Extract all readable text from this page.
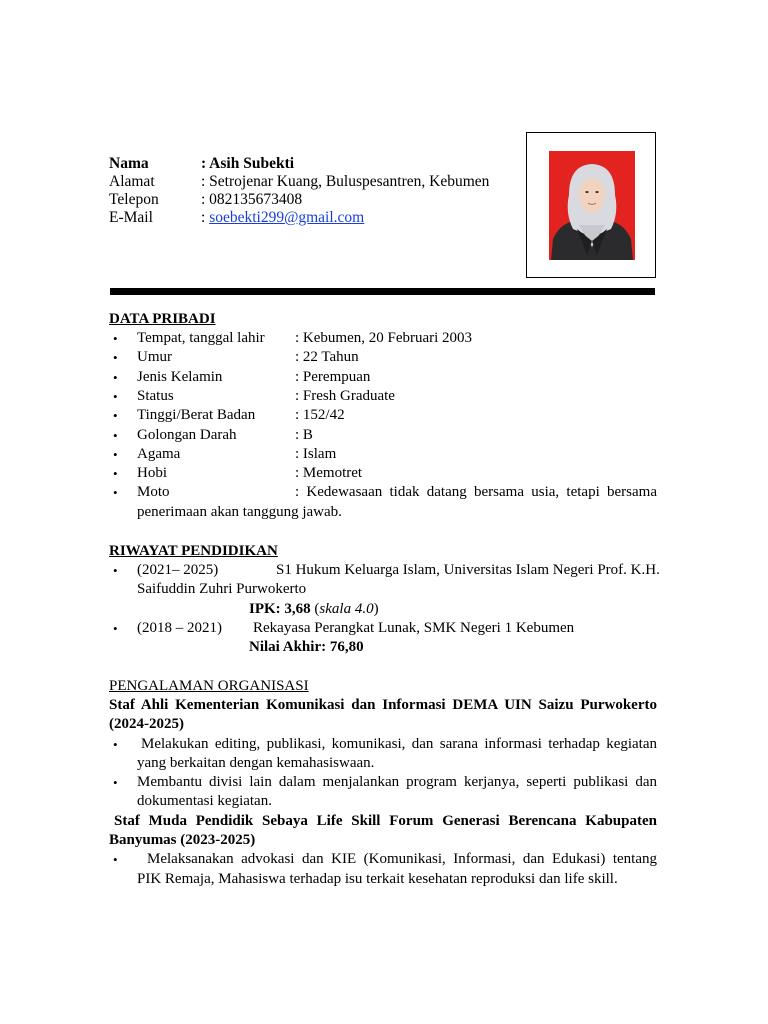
Nama	: Asih Subekti
Alamat	: Setrojenar Kuang, Buluspesantren, Kebumen
Telepon	: 082135673408
E-Mail	: soebekti299@gmail.com
DATA PRIBADI
• Tempat, tanggal lahir : Kebumen, 20 Februari 2003
• Umur	: 22 Tahun
• Jenis Kelamin	: Perempuan
• Status	: Fresh Graduate
• Tinggi/Berat Badan	: 152/42
• Golongan Darah	: B
• Agama	: Islam
• Hobi	: Memotret
• Moto	: Kedewasaan tidak datang bersama usia, tetapi bersama
penerimaan akan tanggung jawab.
RIWAYAT PENDIDIKAN
• (2021– 2025)	S1 Hukum Keluarga Islam, Universitas Islam Negeri Prof. K.H.
Saifuddin Zuhri Purwokerto
IPK: 3,68 (skala 4.0)
• (2018 – 2021) Rekayasa Perangkat Lunak, SMK Negeri 1 Kebumen
Nilai Akhir: 76,80
PENGALAMAN ORGANISASI
Staf Ahli Kementerian Komunikasi dan Informasi DEMA UIN Saizu Purwokerto
(2024-2025)
• Melakukan editing, publikasi, komunikasi, dan sarana informasi terhadap kegiatan
yang berkaitan dengan kemahasiswaan.
• Membantu divisi lain dalam menjalankan program kerjanya, seperti publikasi dan
dokumentasi kegiatan.
Staf Muda Pendidik Sebaya Life Skill Forum Generasi Berencana Kabupaten
Banyumas (2023-2025)
• Melaksanakan advokasi dan KIE (Komunikasi, Informasi, dan Edukasi) tentang
PIK Remaja, Mahasiswa terhadap isu terkait kesehatan reproduksi dan life skill.
